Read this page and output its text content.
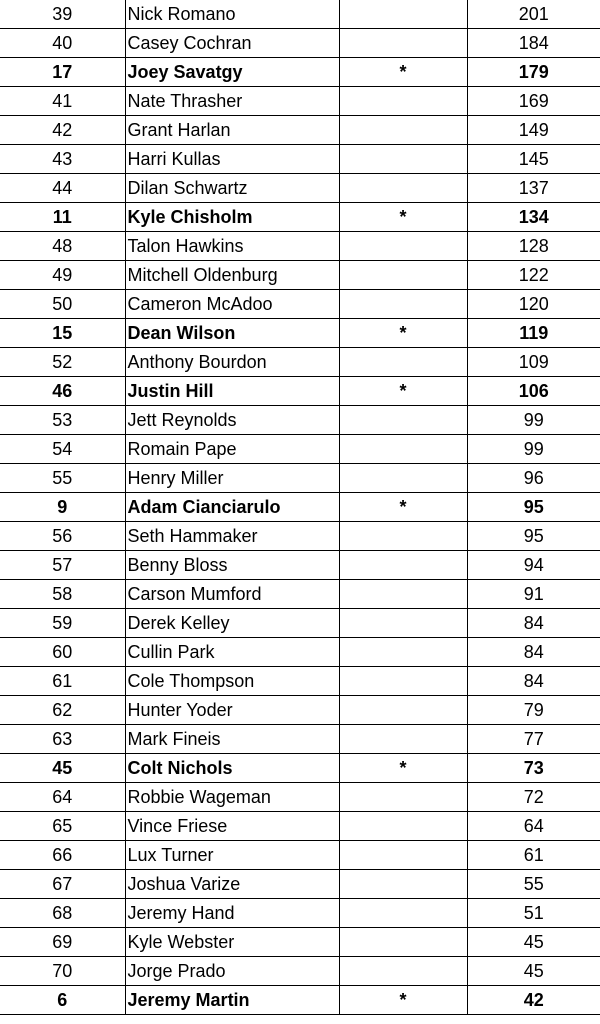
39	Nick Romano		201
40	Casey Cochran		184
17	Joey Savatgy	*	179
41	Nate Thrasher		169
42	Grant Harlan		149
43	Harri Kullas		145
44	Dilan Schwartz		137
11	Kyle Chisholm	*	134
48	Talon Hawkins		128
49	Mitchell Oldenburg		122
50	Cameron McAdoo		120
15	Dean Wilson	*	119
52	Anthony Bourdon		109
46	Justin Hill	*	106
53	Jett Reynolds		99
54	Romain Pape		99
55	Henry Miller		96
9	Adam Cianciarulo	*	95
56	Seth Hammaker		95
57	Benny Bloss		94
58	Carson Mumford		91
59	Derek Kelley		84
60	Cullin Park		84
61	Cole Thompson		84
62	Hunter Yoder		79
63	Mark Fineis		77
45	Colt Nichols	*	73
64	Robbie Wageman		72
65	Vince Friese		64
66	Lux Turner		61
67	Joshua Varize		55
68	Jeremy Hand		51
69	Kyle Webster		45
70	Jorge Prado		45
6	Jeremy Martin	*	42
